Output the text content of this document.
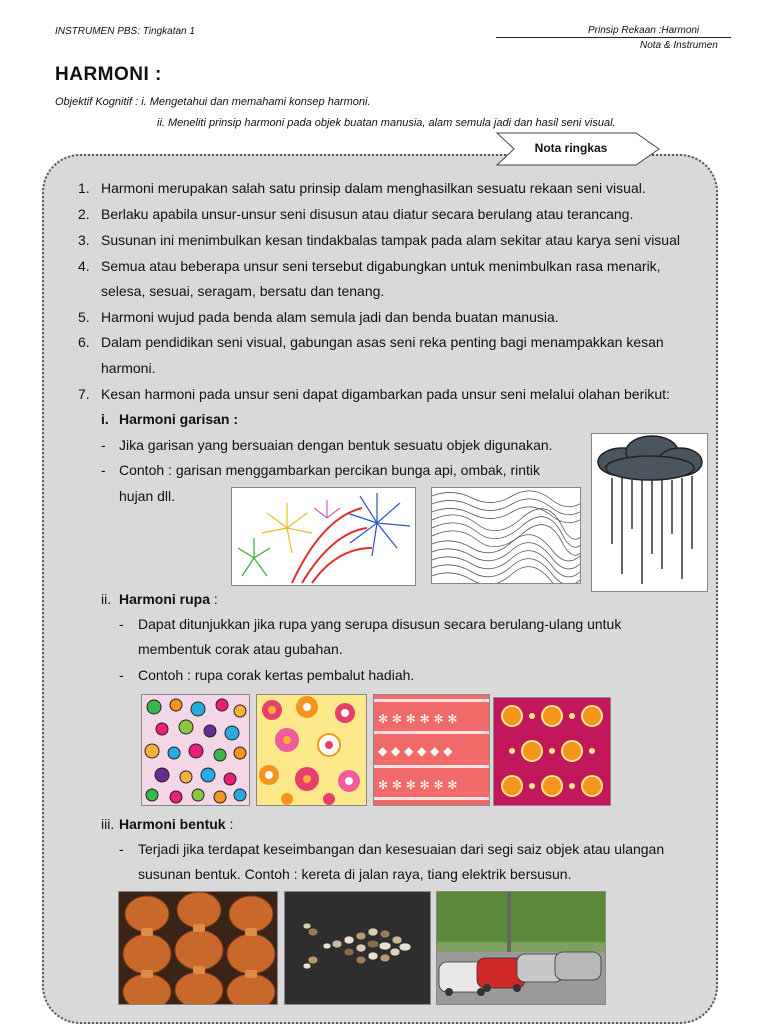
INSTRUMEN PBS: Tingkatan 1	Prinsip Rekaan :Harmoni
Nota & Instrumen
HARMONI :
Objektif Kognitif : i. Mengetahui dan memahami konsep harmoni.
ii. Meneliti prinsip harmoni pada objek buatan manusia, alam semula jadi dan hasil seni visual.
Nota ringkas
1. Harmoni merupakan salah satu prinsip dalam menghasilkan sesuatu rekaan seni visual.
2. Berlaku apabila unsur-unsur seni disusun atau diatur secara berulang atau terancang.
3. Susunan ini menimbulkan kesan tindakbalas tampak pada alam sekitar atau karya seni visual
4. Semua atau beberapa unsur seni tersebut digabungkan untuk menimbulkan rasa menarik,
selesa, sesuai, seragam, bersatu dan tenang.
5. Harmoni wujud pada benda alam semula jadi dan benda buatan manusia.
6. Dalam pendidikan seni visual, gabungan asas seni reka penting bagi menampakkan kesan
harmoni.
7. Kesan harmoni pada unsur seni dapat digambarkan pada unsur seni melalui olahan berikut:
i. Harmoni garisan :
- Jika garisan yang bersuaian dengan bentuk sesuatu objek digunakan.
- Contoh : garisan menggambarkan percikan bunga api, ombak, rintik
hujan dll.
ii. Harmoni rupa :
- Dapat ditunjukkan jika rupa yang serupa disusun secara berulang-ulang untuk
membentuk corak atau gubahan.
- Contoh : rupa corak kertas pembalut hadiah.
✻ ✻ ✻ ✻ ✻ ✻
◆ ◆ ◆ ◆ ◆ ◆
✻ ✻ ✻ ✻ ✻ ✻
iii. Harmoni bentuk :
- Terjadi jika terdapat keseimbangan dan kesesuaian dari segi saiz objek atau ulangan
susunan bentuk. Contoh : kereta di jalan raya, tiang elektrik bersusun.
